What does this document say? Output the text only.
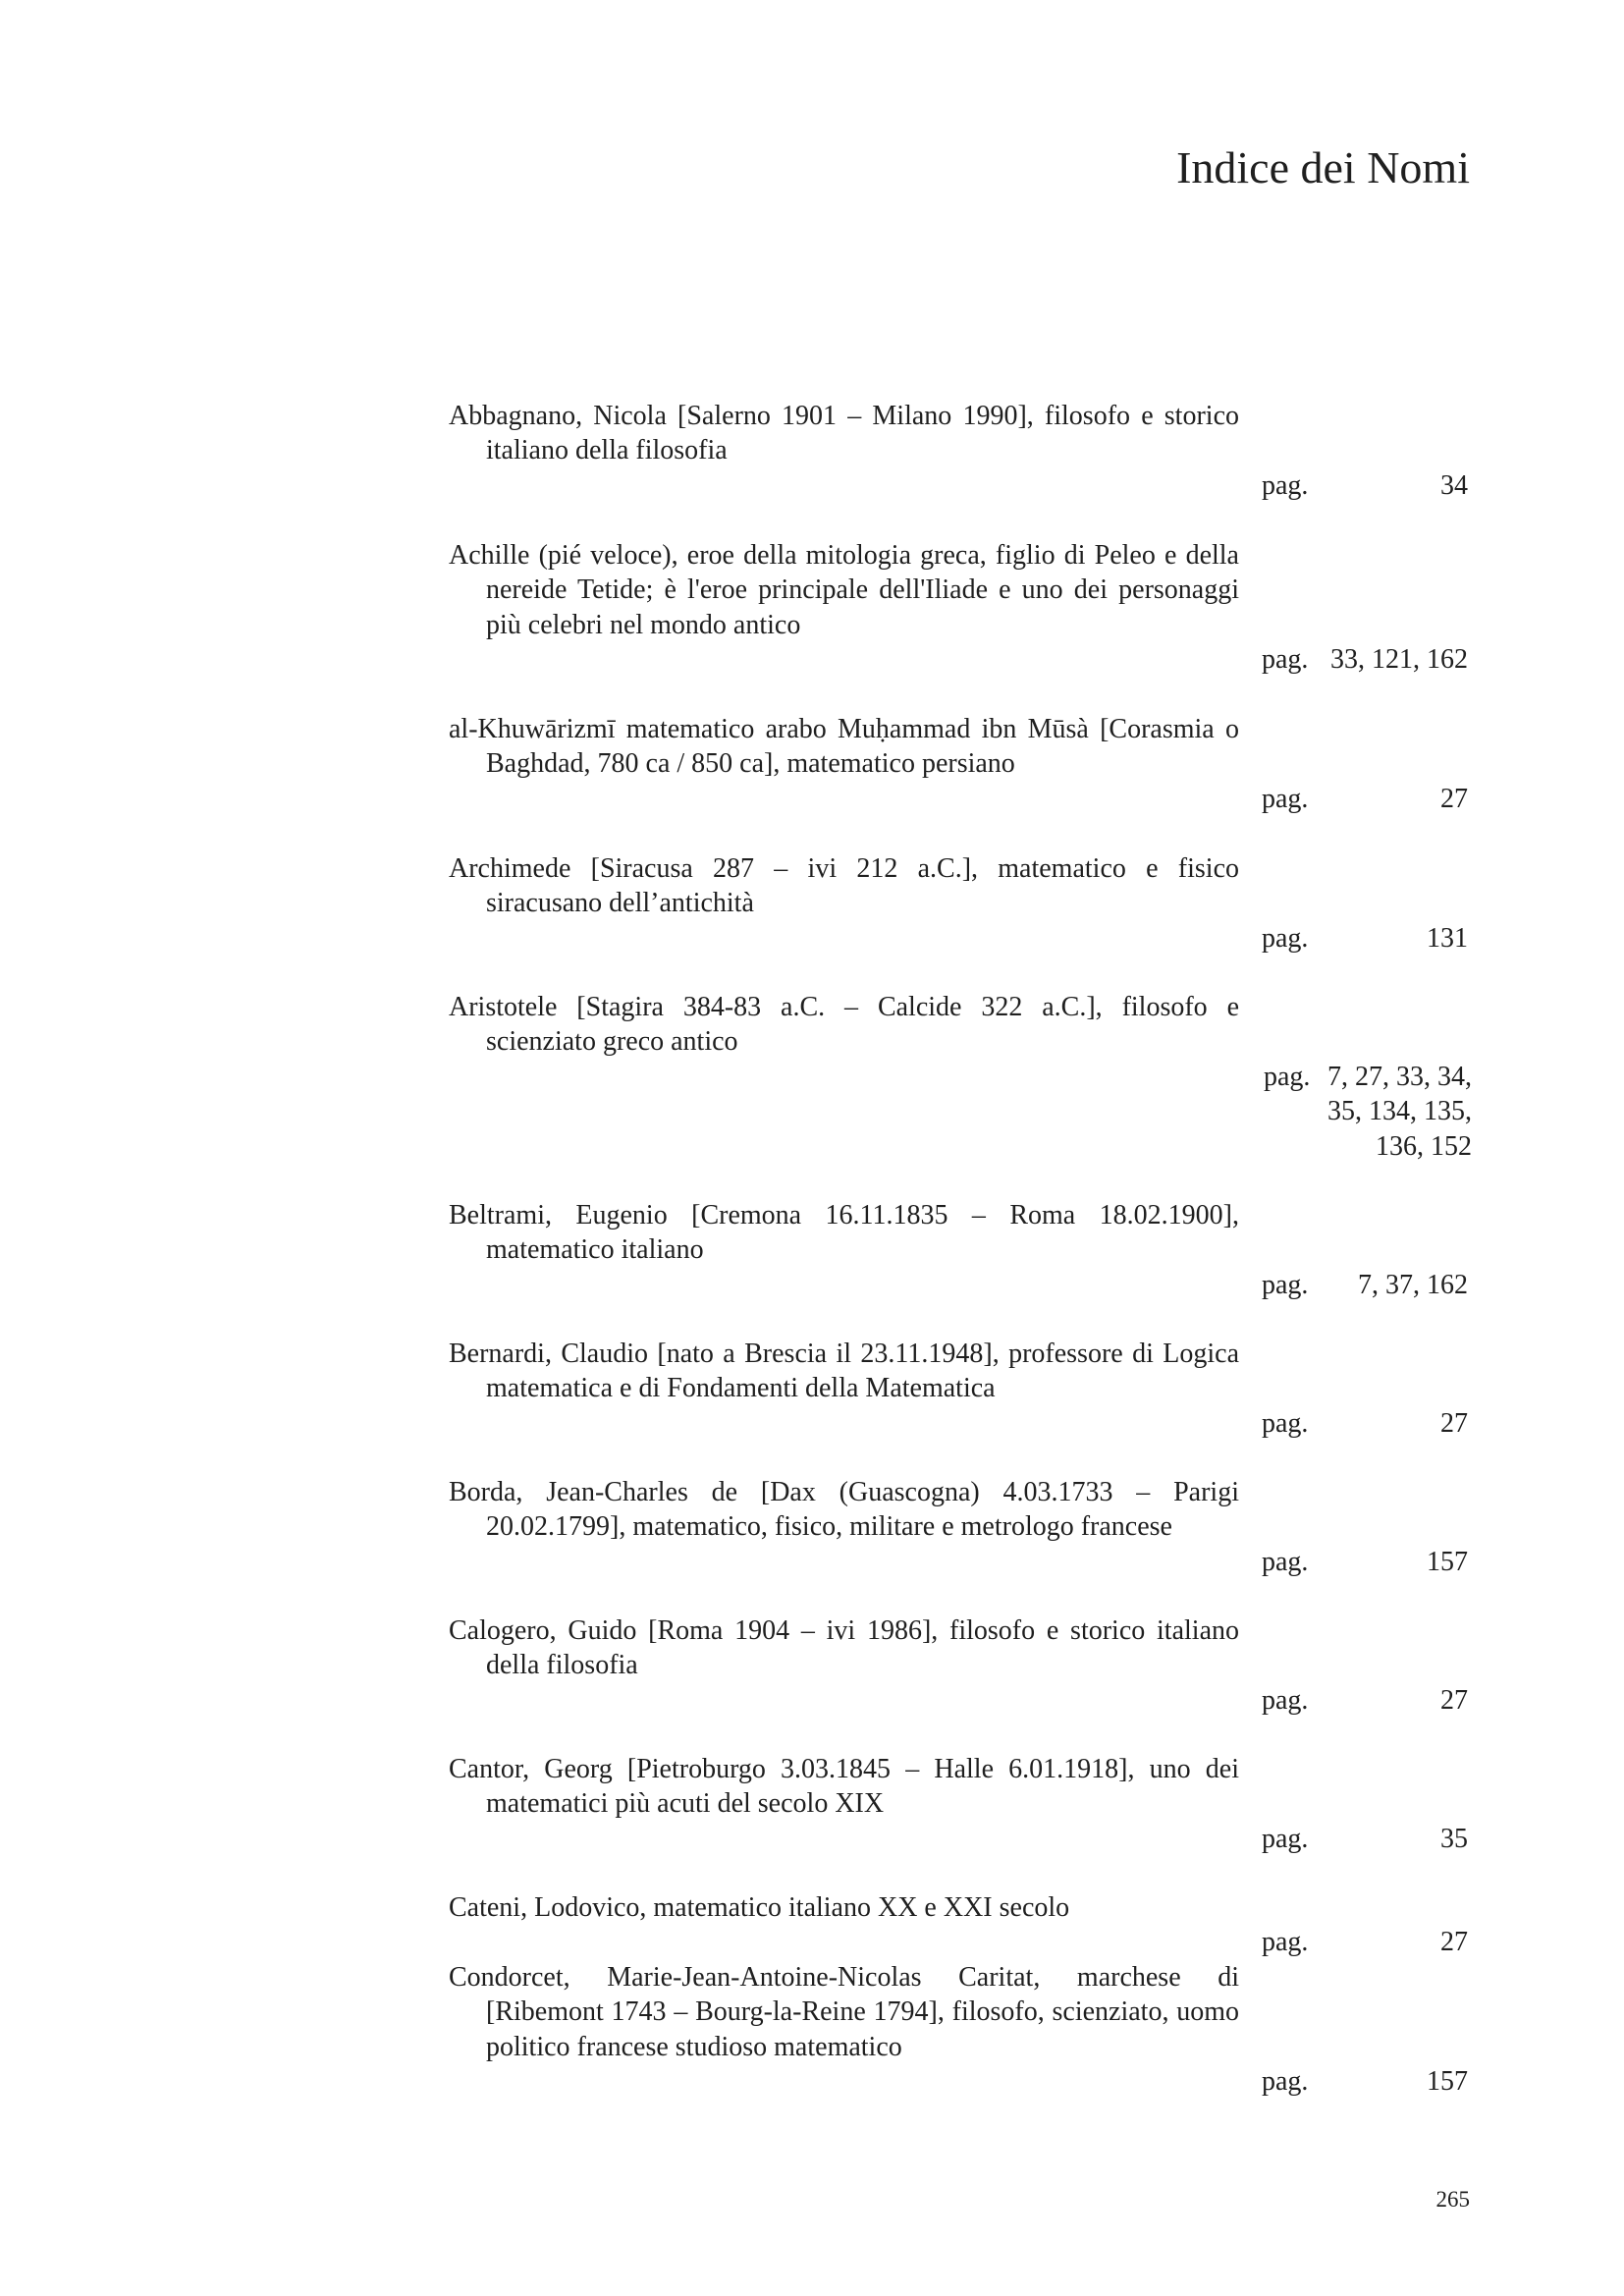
Indice dei Nomi
Abbagnano, Nicola [Salerno 1901 – Milano 1990], filosofo e storico italiano della filosofia
pag.	34
Achille (pié veloce), eroe della mitologia greca, figlio di Peleo e della nereide Tetide; è l'eroe principale dell'Iliade e uno dei personaggi più celebri nel mondo antico
pag. 33, 121, 162
al-Khuwārizmī matematico arabo Muḥammad ibn Mūsà [Corasmia o Baghdad, 780 ca / 850 ca], matematico persiano
pag.	27
Archimede [Siracusa 287 – ivi 212 a.C.], matematico e fisico siracusano dell’antichità
pag.	131
Aristotele [Stagira 384-83 a.C. – Calcide 322 a.C.], filosofo e scienziato greco antico
pag. 7, 27, 33, 34, 35, 134, 135, 136, 152
Beltrami, Eugenio [Cremona 16.11.1835 – Roma 18.02.1900], matematico italiano
pag.	7, 37, 162
Bernardi, Claudio [nato a Brescia il 23.11.1948], professore di Logica matematica e di Fondamenti della Matematica
pag.	27
Borda, Jean-Charles de [Dax (Guascogna) 4.03.1733 – Parigi 20.02.1799], matematico, fisico, militare e metrologo francese
pag.	157
Calogero, Guido [Roma 1904 – ivi 1986], filosofo e storico italiano della filosofia
pag.	27
Cantor, Georg [Pietroburgo 3.03.1845 – Halle 6.01.1918], uno dei matematici più acuti del secolo XIX
pag.	35
Cateni, Lodovico, matematico italiano XX e XXI secolo
pag.	27
Condorcet, Marie-Jean-Antoine-Nicolas Caritat, marchese di [Ribemont 1743 – Bourg-la-Reine 1794], filosofo, scienziato, uomo politico francese studioso matematico
pag.	157
265
